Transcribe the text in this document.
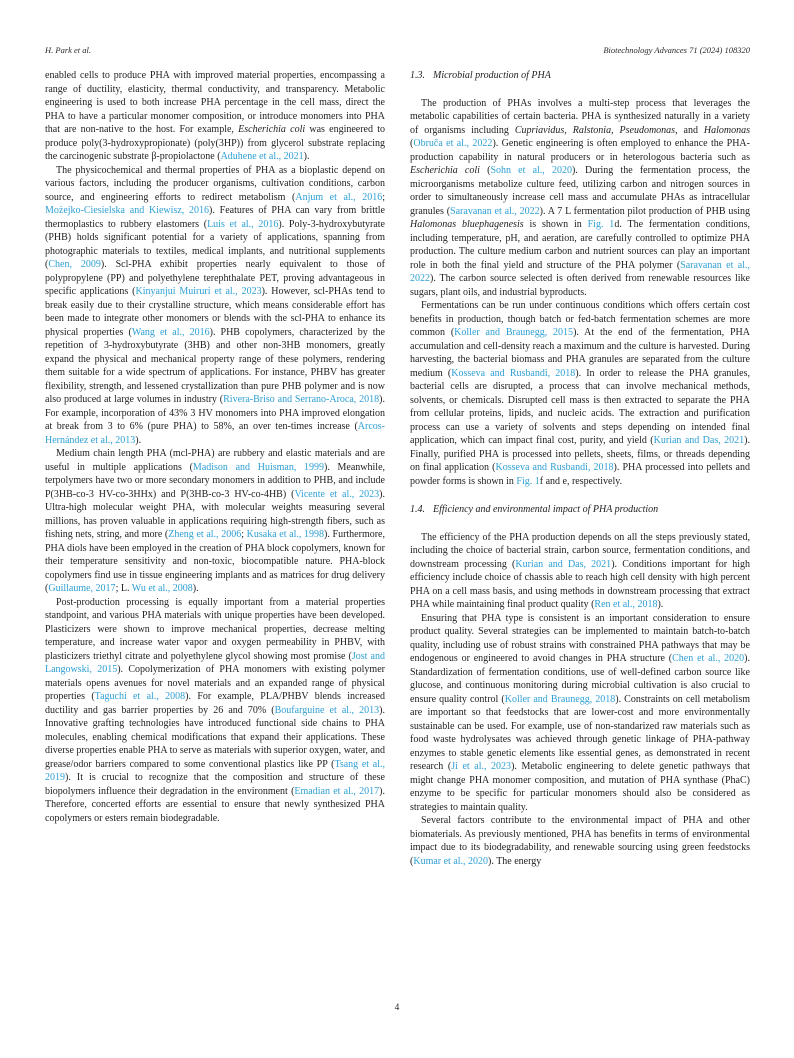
H. Park et al.	Biotechnology Advances 71 (2024) 108320

enabled cells to produce PHA with improved material properties, encompassing a range of ductility, elasticity, thermal conductivity, and transparency. Metabolic engineering is used to both increase PHA percentage in the cell mass, direct the PHA to have a particular monomer composition, or introduce monomers into PHA that are non-native to the host. For example, Escherichia coli was engineered to produce poly(3-hydroxypropionate) (poly(3HP)) from glycerol substrate replacing the carcinogenic substrate β-propiolactone (Aduhene et al., 2021).

The physicochemical and thermal properties of PHA as a bioplastic depend on various factors, including the producer organisms, cultivation conditions, carbon source, and engineering efforts to redirect metabolism (Anjum et al., 2016; Możejko-Ciesielska and Kiewisz, 2016). Features of PHA can vary from brittle thermoplastics to rubbery elastomers (Luis et al., 2016). Poly-3-hydroxybutyrate (PHB) holds significant potential for a variety of applications, spanning from photographic materials to textiles, medical implants, and nutritional supplements (Chen, 2009). Scl-PHA exhibit properties nearly equivalent to those of polypropylene (PP) and polyethylene terephthalate PET, proving advantageous in specific applications (Kinyanjui Muiruri et al., 2023). However, scl-PHAs tend to break easily due to their crystalline structure, which means considerable effort has been made to integrate other monomers or blends with the scl-PHA to enhance its physical properties (Wang et al., 2016). PHB copolymers, characterized by the repetition of 3-hydroxybutyrate (3HB) and other non-3HB monomers, greatly expand the physical and mechanical property range of these polymers, rendering them suitable for a wide spectrum of applications. For instance, PHBV has greater flexibility, strength, and lessened crystallization than pure PHB polymer and is now also produced at large volumes in industry (Rivera-Briso and Serrano-Aroca, 2018). For example, incorporation of 43% 3 HV monomers into PHA improved elongation at break from 3 to 6% (pure PHA) to 58%, an over ten-times increase (Arcos-Hernández et al., 2013).

Medium chain length PHA (mcl-PHA) are rubbery and elastic materials and are useful in multiple applications (Madison and Huisman, 1999). Meanwhile, terpolymers have two or more secondary monomers in addition to PHB, and include P(3HB-co-3 HV-co-3HHx) and P(3HB-co-3 HV-co-4HB) (Vicente et al., 2023). Ultra-high molecular weight PHA, with molecular weights measuring several millions, has proven valuable in applications requiring high-strength fibers, such as fishing nets, string, and more (Zheng et al., 2006; Kusaka et al., 1998). Furthermore, PHA diols have been employed in the creation of PHA block copolymers, known for their temperature sensitivity and non-toxic, biocompatible nature. PHA-block copolymers find use in tissue engineering implants and as matrices for drug delivery (Guillaume, 2017; L. Wu et al., 2008).

Post-production processing is equally important from a material properties standpoint, and various PHA materials with unique properties have been developed. Plasticizers were shown to improve mechanical properties, decrease melting temperature, and increase water vapor and oxygen permeability in PHBV, with plasticizers triethyl citrate and polyethylene glycol showing most promise (Jost and Langowski, 2015). Copolymerization of PHA monomers with existing polymer materials opens avenues for novel materials and an expanded range of physical properties (Taguchi et al., 2008). For example, PLA/PHBV blends increased ductility and gas barrier properties by 26 and 70% (Boufarguine et al., 2013). Innovative grafting technologies have introduced functional side chains to PHA molecules, enabling chemical modifications that expand their applications. These diverse properties enable PHA to serve as materials with superior oxygen, water, and grease/odor barriers compared to some conventional plastics like PP (Tsang et al., 2019). It is crucial to recognize that the composition and structure of these biopolymers influence their degradation in the environment (Emadian et al., 2017). Therefore, concerted efforts are essential to ensure that newly synthesized PHA copolymers or esters remain biodegradable.

1.3. Microbial production of PHA

The production of PHAs involves a multi-step process that leverages the metabolic capabilities of certain bacteria. PHA is synthesized naturally in a variety of organisms including Cupriavidus, Ralstonia, Pseudomonas, and Halomonas (Obruča et al., 2022). Genetic engineering is often employed to enhance the PHA-production capability in natural producers or in heterologous bacteria such as Escherichia coli (Sohn et al., 2020). During the fermentation process, the microorganisms metabolize culture feed, utilizing carbon and nitrogen sources in order to simultaneously increase cell mass and accumulate PHAs as intracellular granules (Saravanan et al., 2022). A 7 L fermentation pilot production of PHB using Halomonas bluephagenesis is shown in Fig. 1d. The fermentation conditions, including temperature, pH, and aeration, are carefully controlled to optimize PHA production. The culture medium carbon and nutrient sources can play an important role in both the final yield and structure of the PHA polymer (Saravanan et al., 2022). The carbon source selected is often derived from renewable resources like sugars, plant oils, and industrial byproducts.

Fermentations can be run under continuous conditions which offers certain cost benefits in production, though batch or fed-batch fermentation schemes are more common (Koller and Braunegg, 2015). At the end of the fermentation, PHA accumulation and cell-density reach a maximum and the culture is harvested. During harvesting, the bacterial biomass and PHA granules are separated from the culture medium (Kosseva and Rusbandi, 2018). In order to release the PHA granules, bacterial cells are disrupted, a process that can involve mechanical methods, solvents, or chemicals. Disrupted cell mass is then extracted to separate the PHA from cellular proteins, lipids, and nucleic acids. The extraction and purification process can use a variety of solvents and steps depending on intended final application, which can impact final cost, purity, and yield (Kurian and Das, 2021). Finally, purified PHA is processed into pellets, sheets, films, or threads depending on final application (Kosseva and Rusbandi, 2018). PHA processed into pellets and powder forms is shown in Fig. 1f and e, respectively.

1.4. Efficiency and environmental impact of PHA production

The efficiency of the PHA production depends on all the steps previously stated, including the choice of bacterial strain, carbon source, fermentation conditions, and downstream processing (Kurian and Das, 2021). Conditions important for high efficiency include choice of chassis able to reach high cell density with high percent PHA on a cell mass basis, and using methods in downstream processing that extract PHA while maintaining final product quality (Ren et al., 2018).

Ensuring that PHA type is consistent is an important consideration to ensure product quality. Several strategies can be implemented to maintain batch-to-batch quality, including use of robust strains with constrained PHA pathways that may be endogenous or engineered to avoid changes in PHA structure (Chen et al., 2020). Standardization of fermentation conditions, use of well-defined carbon source like glucose, and continuous monitoring during microbial cultivation is also crucial to ensure quality control (Koller and Braunegg, 2018). Constraints on cell metabolism are important so that feedstocks that are lower-cost and more environmentally sustainable can be used. For example, use of non-standarized raw materials such as food waste hydrolysates was achieved through genetic linkage of PHA-pathway enzymes to stable genetic elements like essential genes, as demonstrated in recent research (Ji et al., 2023). Metabolic engineering to delete genetic pathways that might change PHA monomer composition, and mutation of PHA synthase (PhaC) enzyme to be specific for particular monomers should also be considered as strategies to maintain quality.

Several factors contribute to the environmental impact of PHA and other biomaterials. As previously mentioned, PHA has benefits in terms of environmental impact due to its biodegradability, and renewable sourcing using green feedstocks (Kumar et al., 2020). The energy

4
